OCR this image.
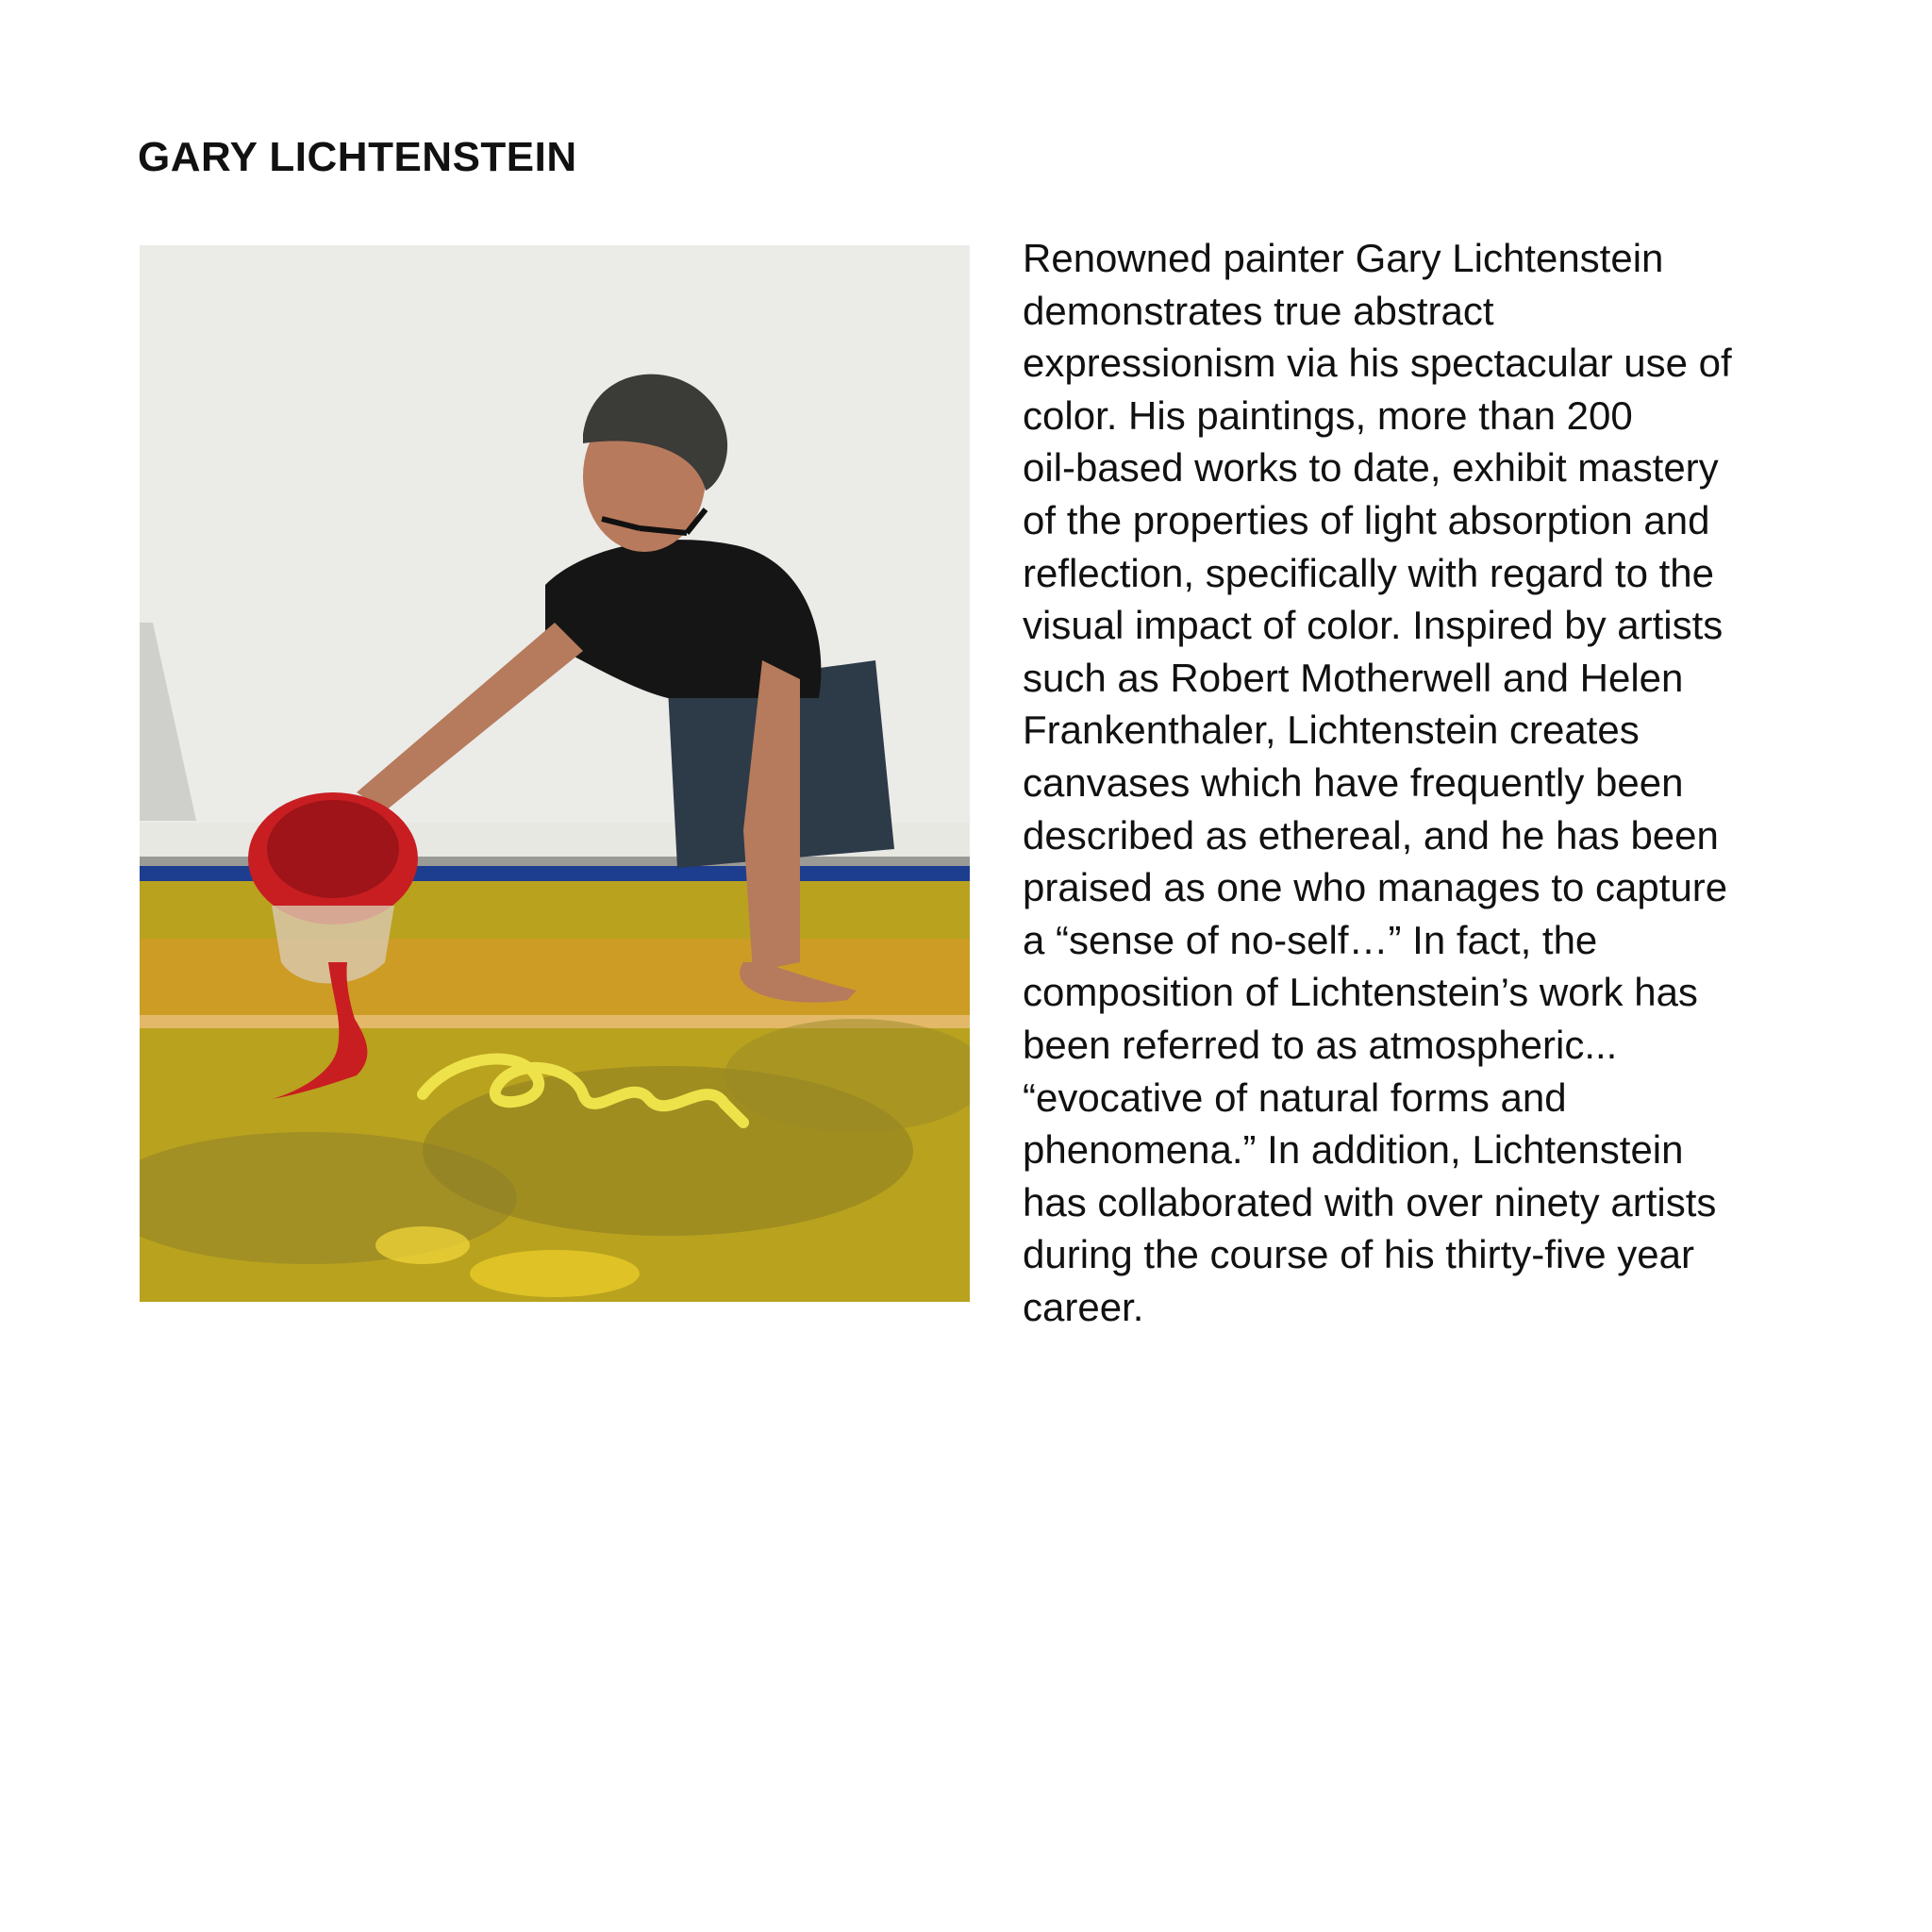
GARY LICHTENSTEIN
Renowned painter Gary Lichtenstein
demonstrates true abstract
expressionism via his spectacular use of
color. His paintings, more than 200
oil-based works to date, exhibit mastery
of the properties of light absorption and
reflection, specifically with regard to the
visual impact of color. Inspired by artists
such as Robert Motherwell and Helen
Frankenthaler, Lichtenstein creates
canvases which have frequently been
described as ethereal, and he has been
praised as one who manages to capture
a “sense of no-self…” In fact, the
composition of Lichtenstein’s work has
been referred to as atmospheric...
“evocative of natural forms and
phenomena.” In addition, Lichtenstein
has collaborated with over ninety artists
during the course of his thirty-five year
career.
